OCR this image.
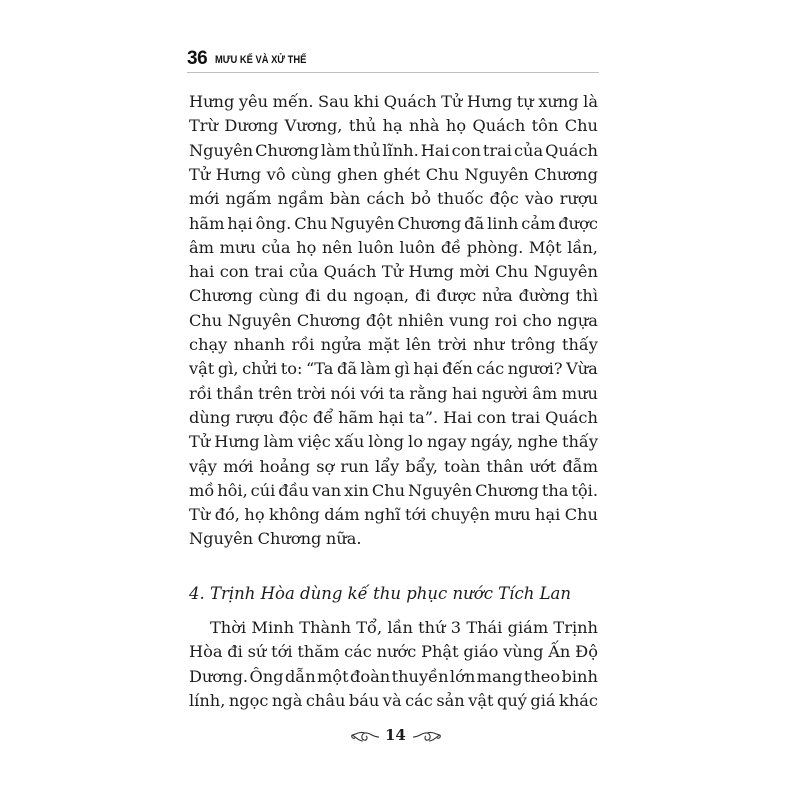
36 MƯU KẾ VÀ XỬ THẾ
Hưng yêu mến. Sau khi Quách Tử Hưng tự xưng là
Trừ Dương Vương, thủ hạ nhà họ Quách tôn Chu
Nguyên Chương làm thủ lĩnh. Hai con trai của Quách
Tử Hưng vô cùng ghen ghét Chu Nguyên Chương
mới ngấm ngầm bàn cách bỏ thuốc độc vào rượu
hãm hại ông. Chu Nguyên Chương đã linh cảm được
âm mưu của họ nên luôn luôn đề phòng. Một lần,
hai con trai của Quách Tử Hưng mời Chu Nguyên
Chương cùng đi du ngoạn, đi được nửa đường thì
Chu Nguyên Chương đột nhiên vung roi cho ngựa
chạy nhanh rồi ngửa mặt lên trời như trông thấy
vật gì, chửi to: “Ta đã làm gì hại đến các ngươi? Vừa
rồi thần trên trời nói với ta rằng hai người âm mưu
dùng rượu độc để hãm hại ta”. Hai con trai Quách
Tử Hưng làm việc xấu lòng lo ngay ngáy, nghe thấy
vậy mới hoảng sợ run lẩy bẩy, toàn thân ướt đẫm
mồ hôi, cúi đầu van xin Chu Nguyên Chương tha tội.
Từ đó, họ không dám nghĩ tới chuyện mưu hại Chu
Nguyên Chương nữa.
4. Trịnh Hòa dùng kế thu phục nước Tích Lan
Thời Minh Thành Tổ, lần thứ 3 Thái giám Trịnh
Hòa đi sứ tới thăm các nước Phật giáo vùng Ấn Độ
Dương. Ông dẫn một đoàn thuyền lớn mang theo binh
lính, ngọc ngà châu báu và các sản vật quý giá khác
14
